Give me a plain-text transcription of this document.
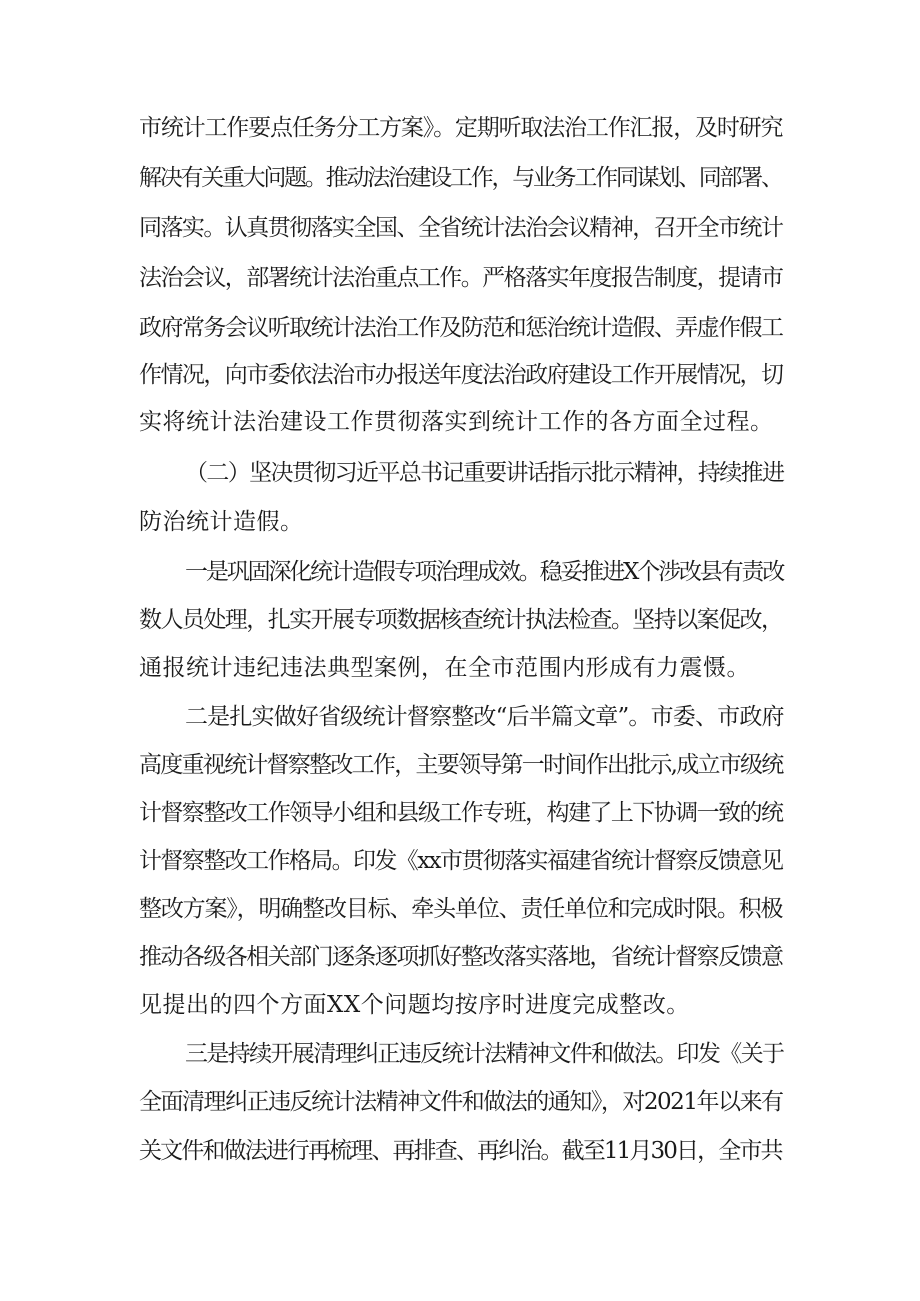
市统计工作要点任务分工方案》。定期听取法治工作汇报，及时研究
解决有关重大问题。推动法治建设工作，与业务工作同谋划、同部署、
同落实。认真贯彻落实全国、全省统计法治会议精神，召开全市统计
法治会议，部署统计法治重点工作。严格落实年度报告制度，提请市
政府常务会议听取统计法治工作及防范和惩治统计造假、弄虚作假工
作情况，向市委依法治市办报送年度法治政府建设工作开展情况，切
实将统计法治建设工作贯彻落实到统计工作的各方面全过程。
（二）坚决贯彻习近平总书记重要讲话指示批示精神，持续推进
防治统计造假。
一是巩固深化统计造假专项治理成效。稳妥推进X个涉改县有责改
数人员处理，扎实开展专项数据核查统计执法检查。坚持以案促改，
通报统计违纪违法典型案例，在全市范围内形成有力震慑。
二是扎实做好省级统计督察整改“后半篇文章”。市委、市政府
高度重视统计督察整改工作，主要领导第一时间作出批示,成立市级统
计督察整改工作领导小组和县级工作专班，构建了上下协调一致的统
计督察整改工作格局。印发《xx市贯彻落实福建省统计督察反馈意见
整改方案》，明确整改目标、牵头单位、责任单位和完成时限。积极
推动各级各相关部门逐条逐项抓好整改落实落地，省统计督察反馈意
见提出的四个方面XX个问题均按序时进度完成整改。
三是持续开展清理纠正违反统计法精神文件和做法。印发《关于
全面清理纠正违反统计法精神文件和做法的通知》，对2021年以来有
关文件和做法进行再梳理、再排查、再纠治。截至11月30日，全市共
